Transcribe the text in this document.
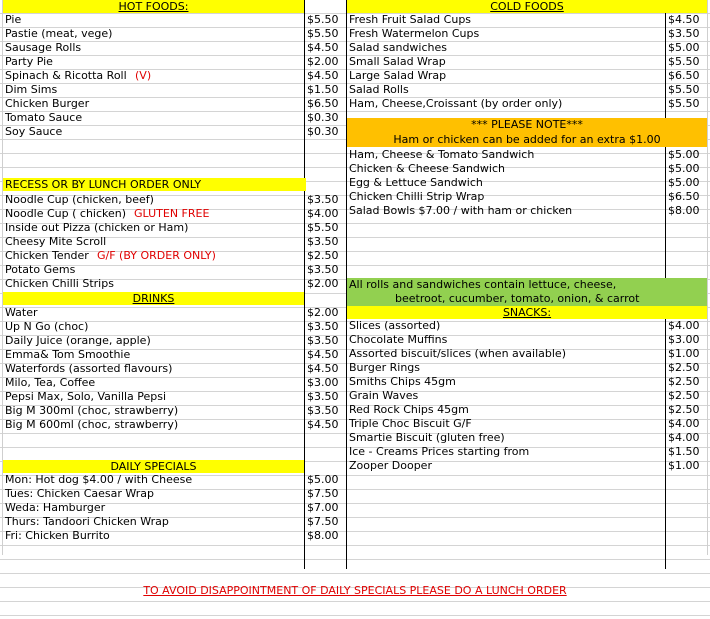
HOT FOODS:
Pie	$5.50
Pastie (meat, vege)	$5.50
Sausage Rolls	$4.50
Party Pie	$2.00
Spinach & Ricotta Roll (V)	$4.50
Dim Sims	$1.50
Chicken Burger	$6.50
Tomato Sauce	$0.30
Soy Sauce	$0.30
COLD FOODS
Fresh Fruit Salad Cups	$4.50
Fresh Watermelon Cups	$3.50
Salad sandwiches	$5.00
Small Salad Wrap	$5.50
Large Salad Wrap	$6.50
Salad Rolls	$5.50
Ham, Cheese,Croissant (by order only)	$5.50
*** PLEASE NOTE***
Ham or chicken can be added for an extra $1.00
Ham, Cheese & Tomato Sandwich	$5.00
Chicken & Cheese Sandwich	$5.00
Egg & Lettuce Sandwich	$5.00
Chicken Chilli Strip Wrap	$6.50
Salad Bowls $7.00 / with ham or chicken	$8.00
RECESS OR BY LUNCH ORDER ONLY
Noodle Cup (chicken, beef)	$3.50
Noodle Cup ( chicken) GLUTEN FREE	$4.00
Inside out Pizza (chicken or Ham)	$5.50
Cheesy Mite Scroll	$3.50
Chicken Tender G/F (BY ORDER ONLY)	$2.50
Potato Gems	$3.50
Chicken Chilli Strips	$2.00
DRINKS
Water	$2.00
Up N Go (choc)	$3.50
Daily Juice (orange, apple)	$3.50
Emma& Tom Smoothie	$4.50
Waterfords (assorted flavours)	$4.50
Milo, Tea, Coffee	$3.00
Pepsi Max, Solo, Vanilla Pepsi	$3.50
Big M 300ml (choc, strawberry)	$3.50
Big M 600ml (choc, strawberry)	$4.50
All rolls and sandwiches contain lettuce, cheese,
beetroot, cucumber, tomato, onion, & carrot
SNACKS:
Slices (assorted)	$4.00
Chocolate Muffins	$3.00
Assorted biscuit/slices (when available)	$1.00
Burger Rings	$2.50
Smiths Chips 45gm	$2.50
Grain Waves	$2.50
Red Rock Chips 45gm	$2.50
Triple Choc Biscuit G/F	$4.00
Smartie Biscuit (gluten free)	$4.00
Ice - Creams Prices starting from	$1.50
Zooper Dooper	$1.00
DAILY SPECIALS
Mon: Hot dog $4.00 / with Cheese	$5.00
Tues: Chicken Caesar Wrap	$7.50
Weda: Hamburger	$7.00
Thurs: Tandoori Chicken Wrap	$7.50
Fri: Chicken Burrito	$8.00
TO AVOID DISAPPOINTMENT OF DAILY SPECIALS PLEASE DO A LUNCH ORDER
